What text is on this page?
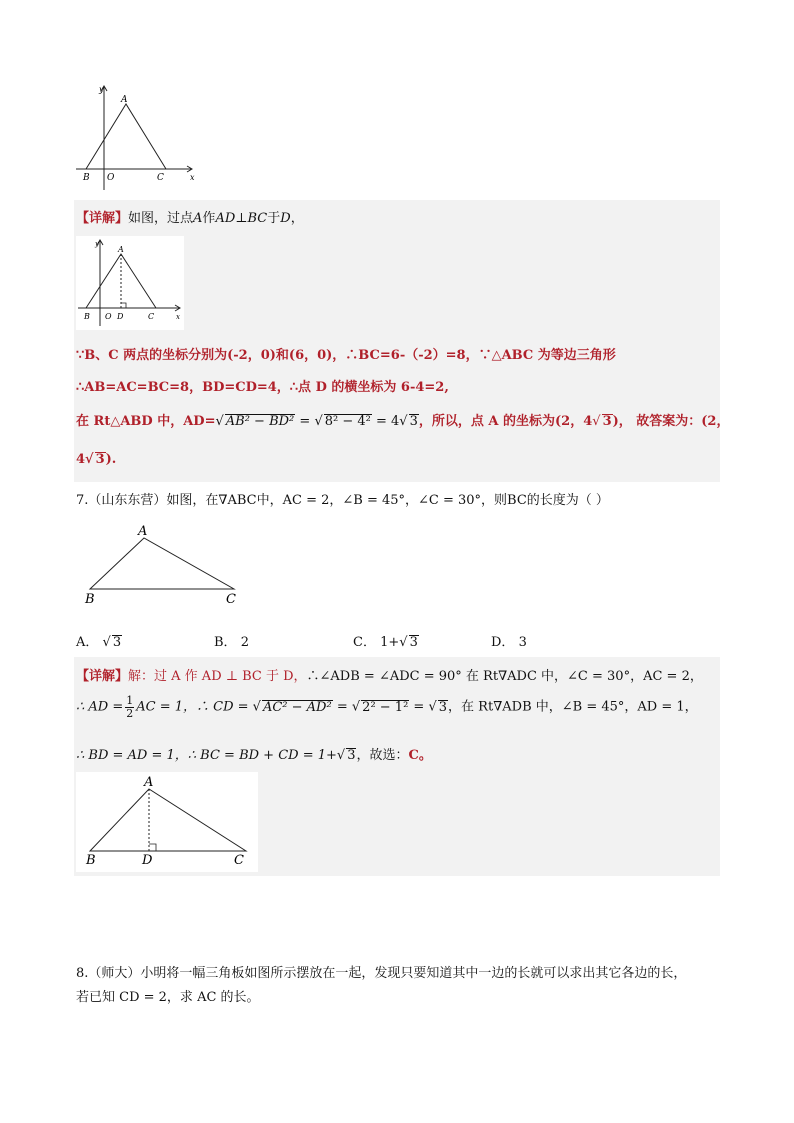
y
A
B O	C	x
【详解】如图，过点A作AD⊥BC于D，
y
A
B O D	C	x
∵B、C 两点的坐标分别为(-2，0)和(6，0)，∴BC=6-（-2）=8，∵△ABC 为等边三角形
∴AB=AC=BC=8，BD=CD=4，∴点 D 的横坐标为 6-4=2,
在 Rt△ABD 中，AD=√ AB² − BD² = √ 8² − 4² = 4√ 3，所以，点 A 的坐标为(2，4√ 3)， 故答案为：(2，
4√ 3).
7.（山东东营）如图，在∇ABC中，AC = 2，∠B = 45°，∠C = 30°，则BC的长度为（ ）
A
B	C
A． √ 3	B． 2	C． 1+√ 3	D． 3
【详解】解：过 A 作 AD ⊥ BC 于 D，∴∠ADB = ∠ADC = 90° 在 Rt∇ADC 中，∠C = 30°，AC = 2，
∴ AD = $\frac{1}{2}$ AC = 1，∴ CD = √ AC² − AD² = √ 2² − 1² = √ 3，在 Rt∇ADB 中，∠B = 45°，AD = 1，
∴ BD = AD = 1，∴ BC = BD + CD = 1+√ 3，故选：C。
A
B	D	C
8.（师大）小明将一幅三角板如图所示摆放在一起，发现只要知道其中一边的长就可以求出其它各边的长，
若已知 CD = 2，求 AC 的长。
